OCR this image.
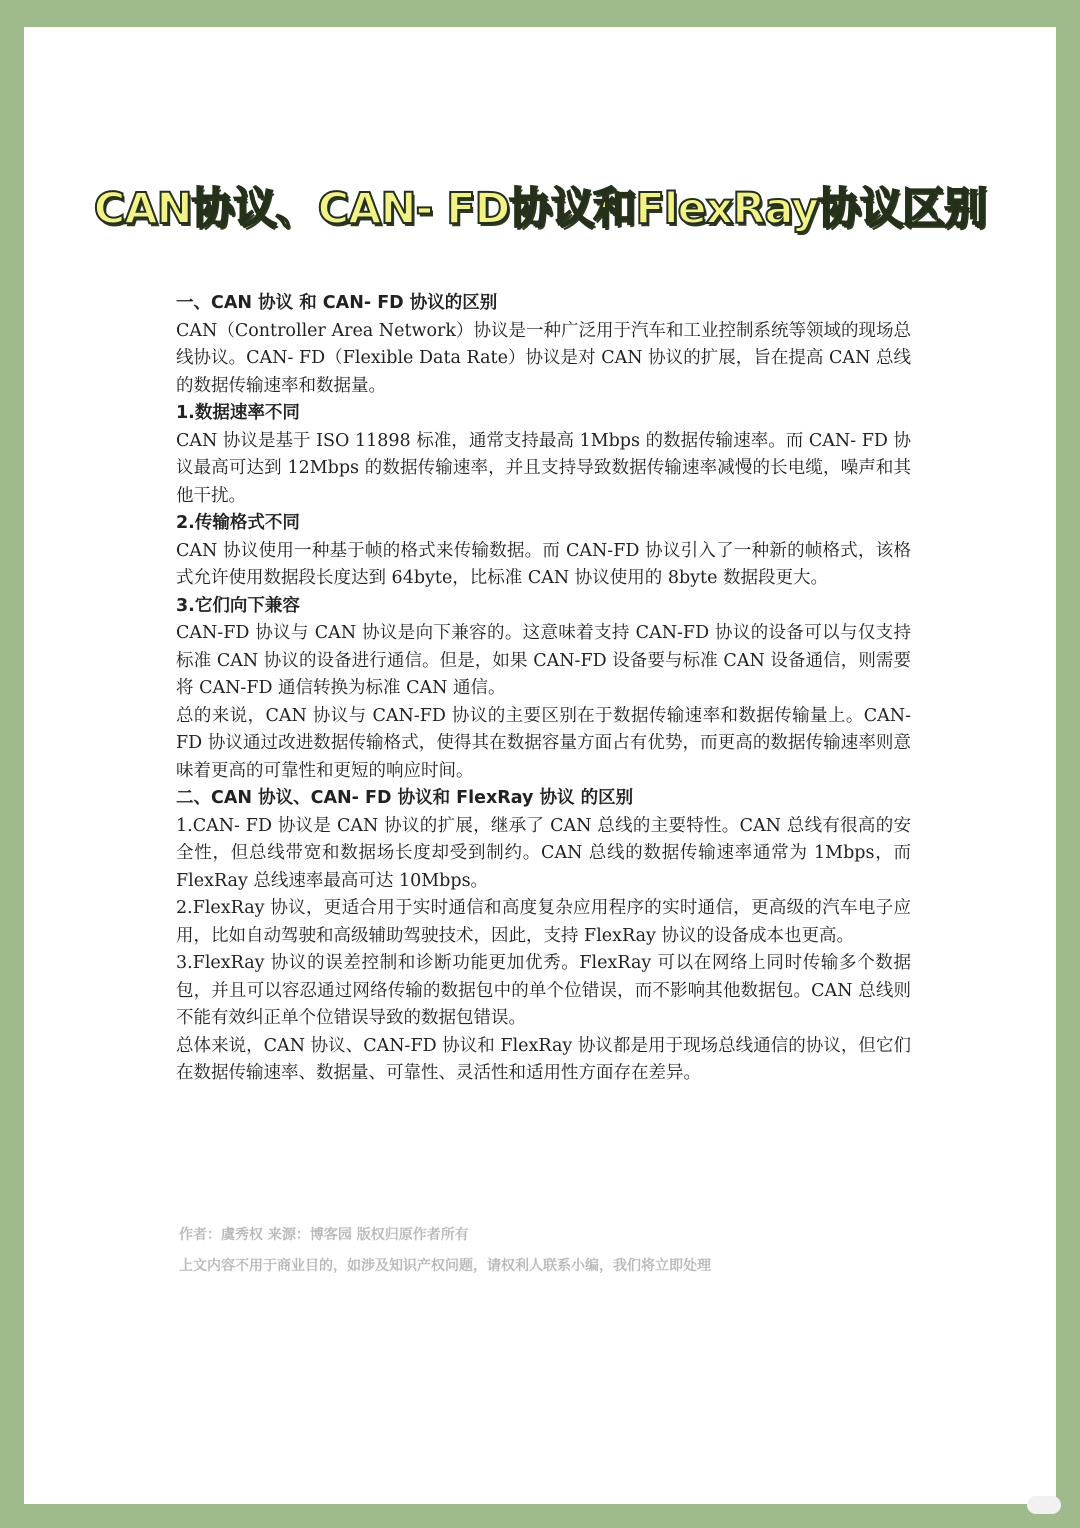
CAN协议、CAN- FD协议和FlexRay协议区别

一、CAN 协议 和 CAN- FD 协议的区别

CAN（Controller Area Network）协议是一种广泛用于汽车和工业控制系统等领域的现场总线协议。CAN- FD（Flexible Data Rate）协议是对 CAN 协议的扩展，旨在提高 CAN 总线的数据传输速率和数据量。

1.数据速率不同

CAN 协议是基于 ISO 11898 标准，通常支持最高 1Mbps 的数据传输速率。而 CAN- FD 协议最高可达到 12Mbps 的数据传输速率，并且支持导致数据传输速率减慢的长电缆，噪声和其他干扰。

2.传输格式不同

CAN 协议使用一种基于帧的格式来传输数据。而 CAN-FD 协议引入了一种新的帧格式，该格式允许使用数据段长度达到 64byte，比标准 CAN 协议使用的 8byte 数据段更大。

3.它们向下兼容

CAN-FD 协议与 CAN 协议是向下兼容的。这意味着支持 CAN-FD 协议的设备可以与仅支持标准 CAN 协议的设备进行通信。但是，如果 CAN-FD 设备要与标准 CAN 设备通信，则需要将 CAN-FD 通信转换为标准 CAN 通信。

总的来说，CAN 协议与 CAN-FD 协议的主要区别在于数据传输速率和数据传输量上。CAN-FD 协议通过改进数据传输格式，使得其在数据容量方面占有优势，而更高的数据传输速率则意味着更高的可靠性和更短的响应时间。

二、CAN 协议、CAN- FD 协议和 FlexRay 协议 的区别

1.CAN- FD 协议是 CAN 协议的扩展，继承了 CAN 总线的主要特性。CAN 总线有很高的安全性，但总线带宽和数据场长度却受到制约。CAN 总线的数据传输速率通常为 1Mbps，而 FlexRay 总线速率最高可达 10Mbps。

2.FlexRay 协议，更适合用于实时通信和高度复杂应用程序的实时通信，更高级的汽车电子应用，比如自动驾驶和高级辅助驾驶技术，因此，支持 FlexRay 协议的设备成本也更高。

3.FlexRay 协议的误差控制和诊断功能更加优秀。FlexRay 可以在网络上同时传输多个数据包，并且可以容忍通过网络传输的数据包中的单个位错误，而不影响其他数据包。CAN 总线则不能有效纠正单个位错误导致的数据包错误。

总体来说，CAN 协议、CAN-FD 协议和 FlexRay 协议都是用于现场总线通信的协议，但它们在数据传输速率、数据量、可靠性、灵活性和适用性方面存在差异。

作者：虞秀权 来源：博客园 版权归原作者所有

上文内容不用于商业目的，如涉及知识产权问题，请权利人联系小编，我们将立即处理
